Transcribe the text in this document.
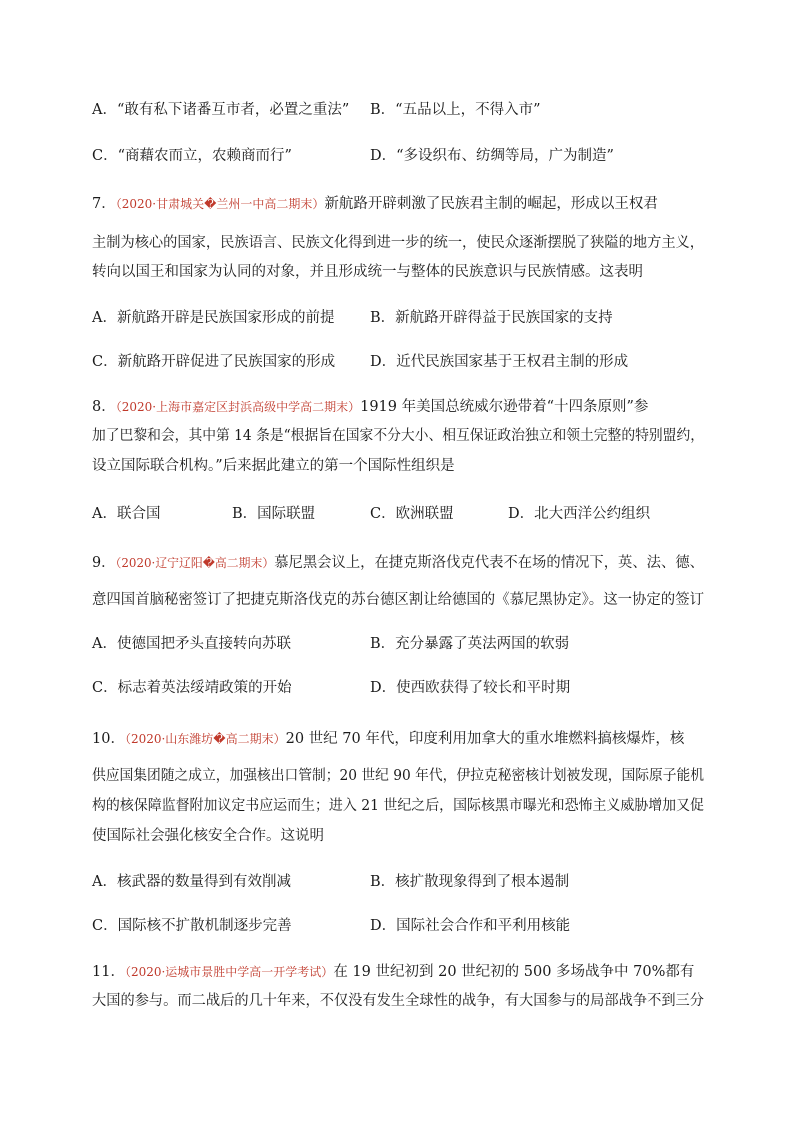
A．“敢有私下诸番互市者，必置之重法” B．“五品以上，不得入市”
C．“商藉农而立，农赖商而行”	D．“多设织布、纺绸等局，广为制造”
7．（2020·甘肃城关�兰州一中高二期末）新航路开辟刺激了民族君主制的崛起，形成以王权君
主制为核心的国家，民族语言、民族文化得到进一步的统一，使民众逐渐摆脱了狭隘的地方主义，
转向以国王和国家为认同的对象，并且形成统一与整体的民族意识与民族情感。这表明
A．新航路开辟是民族国家形成的前提 B．新航路开辟得益于民族国家的支持
C．新航路开辟促进了民族国家的形成 D．近代民族国家基于王权君主制的形成
8．（2020·上海市嘉定区封浜高级中学高二期末）1919 年美国总统威尔逊带着“十四条原则”参
加了巴黎和会，其中第 14 条是“根据旨在国家不分大小、相互保证政治独立和领土完整的特别盟约，
设立国际联合机构。”后来据此建立的第一个国际性组织是
A．联合国	B．国际联盟	C．欧洲联盟	D．北大西洋公约组织
9．（2020·辽宁辽阳�高二期末）慕尼黑会议上，在捷克斯洛伐克代表不在场的情况下，英、法、德、
意四国首脑秘密签订了把捷克斯洛伐克的苏台德区割让给德国的《慕尼黑协定》。这一协定的签订
A．使德国把矛头直接转向苏联	B．充分暴露了英法两国的软弱
C．标志着英法绥靖政策的开始	D．使西欧获得了较长和平时期
10．（2020·山东潍坊�高二期末）20 世纪 70 年代，印度利用加拿大的重水堆燃料搞核爆炸，核
供应国集团随之成立，加强核出口管制；20 世纪 90 年代，伊拉克秘密核计划被发现，国际原子能机
构的核保障监督附加议定书应运而生；进入 21 世纪之后，国际核黑市曝光和恐怖主义威胁增加又促
使国际社会强化核安全合作。这说明
A．核武器的数量得到有效削减	B．核扩散现象得到了根本遏制
C．国际核不扩散机制逐步完善	D．国际社会合作和平利用核能
11．（2020·运城市景胜中学高一开学考试）在 19 世纪初到 20 世纪初的 500 多场战争中 70%都有
大国的参与。而二战后的几十年来，不仅没有发生全球性的战争，有大国参与的局部战争不到三分
